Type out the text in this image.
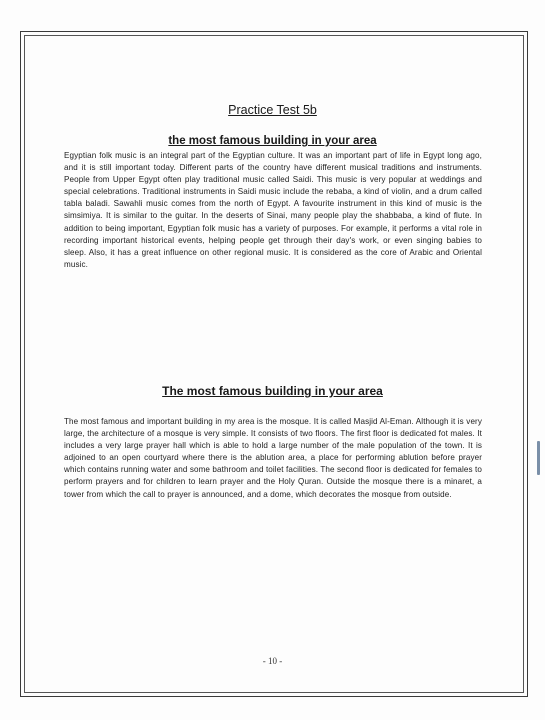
Practice Test 5b
the most famous building in your area
Egyptian folk music is an integral part of the Egyptian culture. It was an important part of life in Egypt long ago, and it is still important today. Different parts of the country have different musical traditions and instruments. People from Upper Egypt often play traditional music called Saidi. This music is very popular at weddings and special celebrations. Traditional instruments in Saidi music include the rebaba, a kind of violin, and a drum called tabla baladi. Sawahli music comes from the north of Egypt. A favourite instrument in this kind of music is the simsimiya. It is similar to the guitar. In the deserts of Sinai, many people play the shabbaba, a kind of flute. In addition to being important, Egyptian folk music has a variety of purposes. For example, it performs a vital role in recording important historical events, helping people get through their day's work, or even singing babies to sleep. Also, it has a great influence on other regional music. It is considered as the core of Arabic and Oriental music.
The most famous building in your area
The most famous and important building in my area is the mosque. It is called Masjid Al-Eman. Although it is very large, the architecture of a mosque is very simple. It consists of two floors. The first floor is dedicated fot males. It includes a very large prayer hall which is able to hold a large number of the male population of the town. It is adjoined to an open courtyard where there is the ablution area, a place for performing ablution before prayer which contains running water and some bathroom and toilet facilities. The second floor is dedicated for females to perform prayers and for children to learn prayer and the Holy Quran. Outside the mosque there is a minaret, a tower from which the call to prayer is announced, and a dome, which decorates the mosque from outside.
- 10 -
